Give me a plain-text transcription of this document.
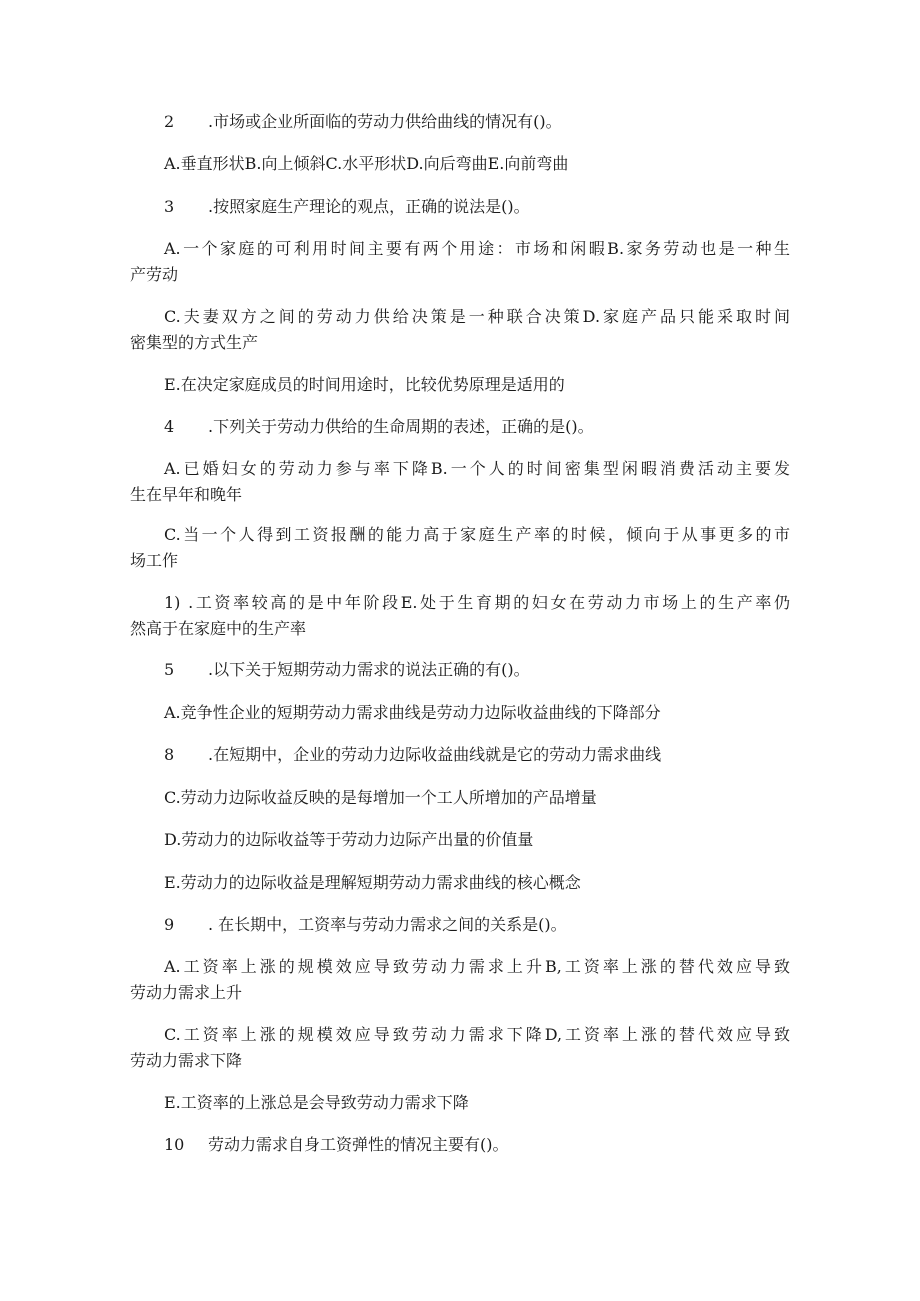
2 .市场或企业所面临的劳动力供给曲线的情况有()。
A.垂直形状B.向上倾斜C.水平形状D.向后弯曲E.向前弯曲
3 .按照家庭生产理论的观点，正确的说法是()。
A.一个家庭的可利用时间主要有两个用途：市场和闲暇B.家务劳动也是一种生
产劳动
C.夫妻双方之间的劳动力供给决策是一种联合决策D.家庭产品只能采取时间
密集型的方式生产
E.在决定家庭成员的时间用途时，比较优势原理是适用的
4 .下列关于劳动力供给的生命周期的表述，正确的是()。
A.已婚妇女的劳动力参与率下降B.一个人的时间密集型闲暇消费活动主要发
生在早年和晚年
C.当一个人得到工资报酬的能力高于家庭生产率的时候，倾向于从事更多的市
场工作
1) .工资率较高的是中年阶段E.处于生育期的妇女在劳动力市场上的生产率仍
然高于在家庭中的生产率
5 .以下关于短期劳动力需求的说法正确的有()。
A.竞争性企业的短期劳动力需求曲线是劳动力边际收益曲线的下降部分
8 .在短期中，企业的劳动力边际收益曲线就是它的劳动力需求曲线
C.劳动力边际收益反映的是每增加一个工人所增加的产品增量
D.劳动力的边际收益等于劳动力边际产出量的价值量
E.劳动力的边际收益是理解短期劳动力需求曲线的核心概念
9 . 在长期中，工资率与劳动力需求之间的关系是()。
A.工资率上涨的规模效应导致劳动力需求上升B,工资率上涨的替代效应导致
劳动力需求上升
C.工资率上涨的规模效应导致劳动力需求下降D,工资率上涨的替代效应导致
劳动力需求下降
E.工资率的上涨总是会导致劳动力需求下降
10 劳动力需求自身工资弹性的情况主要有()。
